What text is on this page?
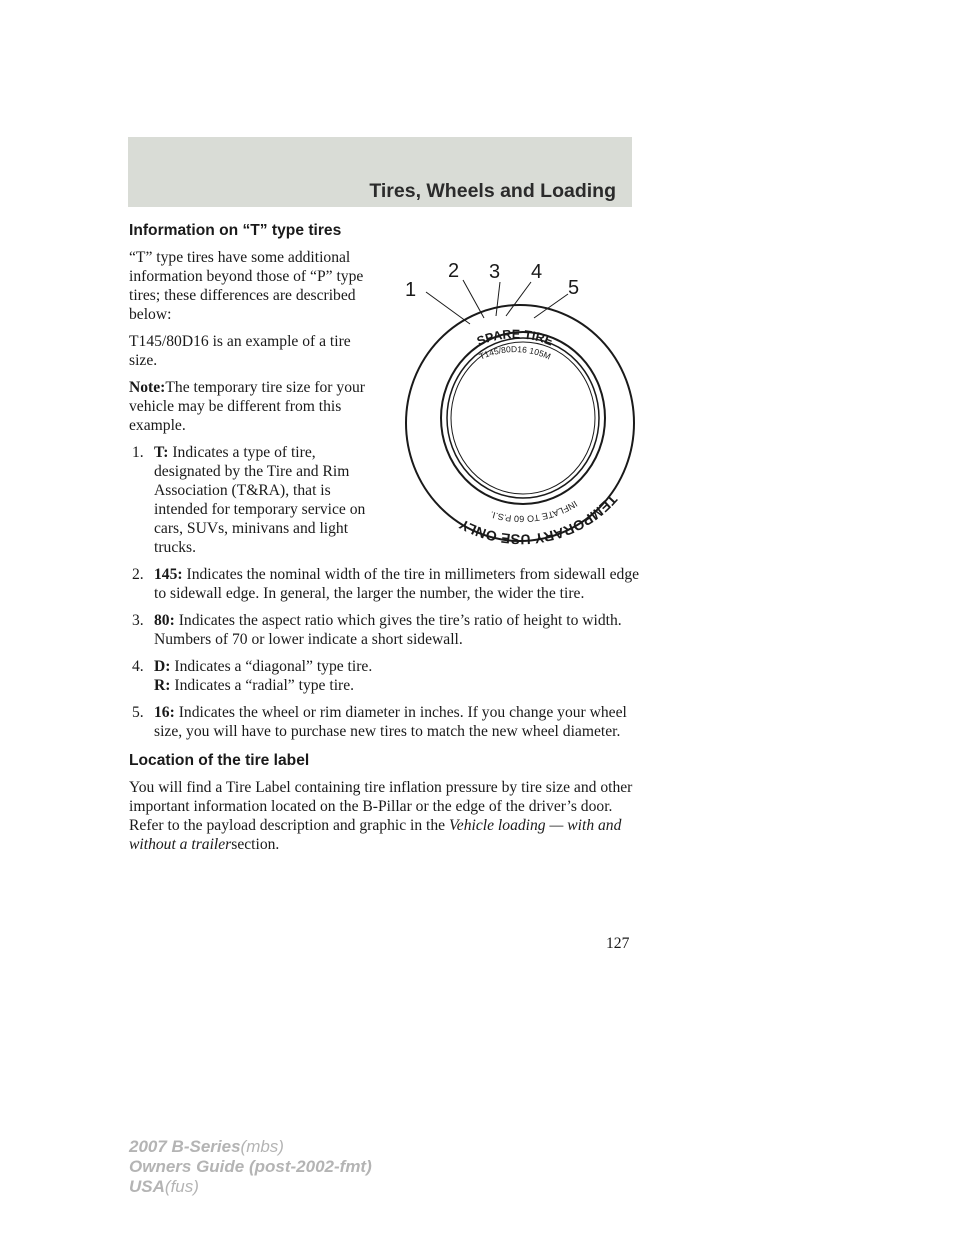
Tires, Wheels and Loading
Information on “T” type tires

“T” type tires have some additional information beyond those of “P” type tires; these differences are described below:

T145/80D16 is an example of a tire size.

Note:The temporary tire size for your vehicle may be different from this example.

1. T: Indicates a type of tire, designated by the Tire and Rim Association (T&RA), that is intended for temporary service on cars, SUVs, minivans and light trucks.
2. 145: Indicates the nominal width of the tire in millimeters from sidewall edge to sidewall edge. In general, the larger the number, the wider the tire.
3. 80: Indicates the aspect ratio which gives the tire’s ratio of height to width. Numbers of 70 or lower indicate a short sidewall.
4. D: Indicates a “diagonal” type tire.
R: Indicates a “radial” type tire.
5. 16: Indicates the wheel or rim diameter in inches. If you change your wheel size, you will have to purchase new tires to match the new wheel diameter.
Location of the tire label

You will find a Tire Label containing tire inflation pressure by tire size and other important information located on the B-Pillar or the edge of the driver’s door. Refer to the payload description and graphic in the Vehicle loading — with and without a trailersection.

SPARE TIRE
T145/80D16 105M
TEMPORARY USE ONLY
INFLATE TO 60 P.S.I.
1
2 3 4
5
127
2007 B-Series(mbs)
Owners Guide (post-2002-fmt)
USA(fus)
